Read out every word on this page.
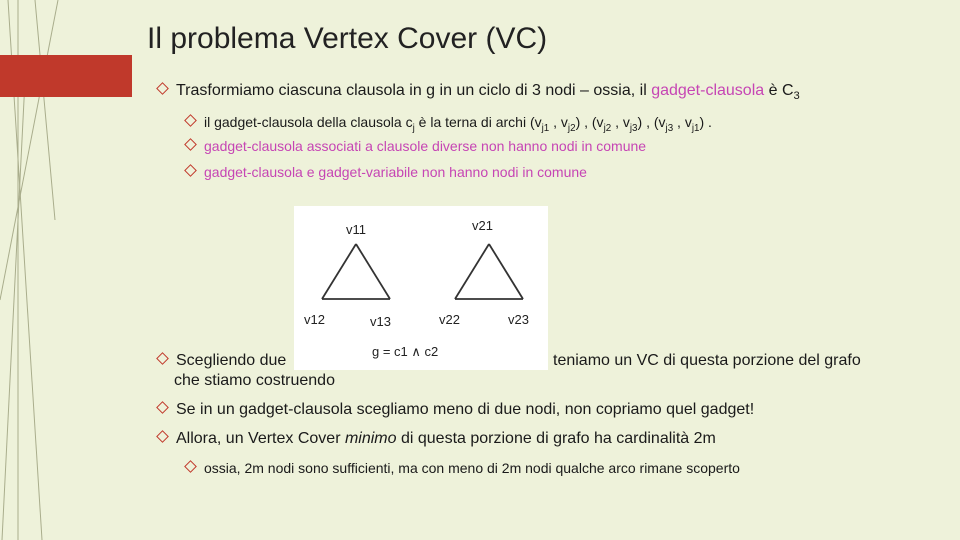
Il problema Vertex Cover (VC)
Trasformiamo ciascuna clausola in g in un ciclo di 3 nodi – ossia, il gadget-clausola è $C_3$
il gadget-clausola della clausola $c_j$ è la terna di archi ($v_{j1}$ , $v_{j2}$) , ($v_{j2}$ , $v_{j3}$) , ($v_{j3}$ , $v_{j1}$) .
gadget-clausola associati a clausole diverse non hanno nodi in comune
gadget-clausola e gadget-variabile non hanno nodi in comune
Scegliendo due	teniamo un VC di questa porzione del grafo
che stiamo costruendo
Se in un gadget-clausola scegliamo meno di due nodi, non copriamo quel gadget!
Allora, un Vertex Cover minimo di questa porzione di grafo ha cardinalità 2m
ossia, 2m nodi sono sufficienti, ma con meno di 2m nodi qualche arco rimane scoperto
v11
v12	v13
v21
v22	v23
g = c1 ∧ c2
